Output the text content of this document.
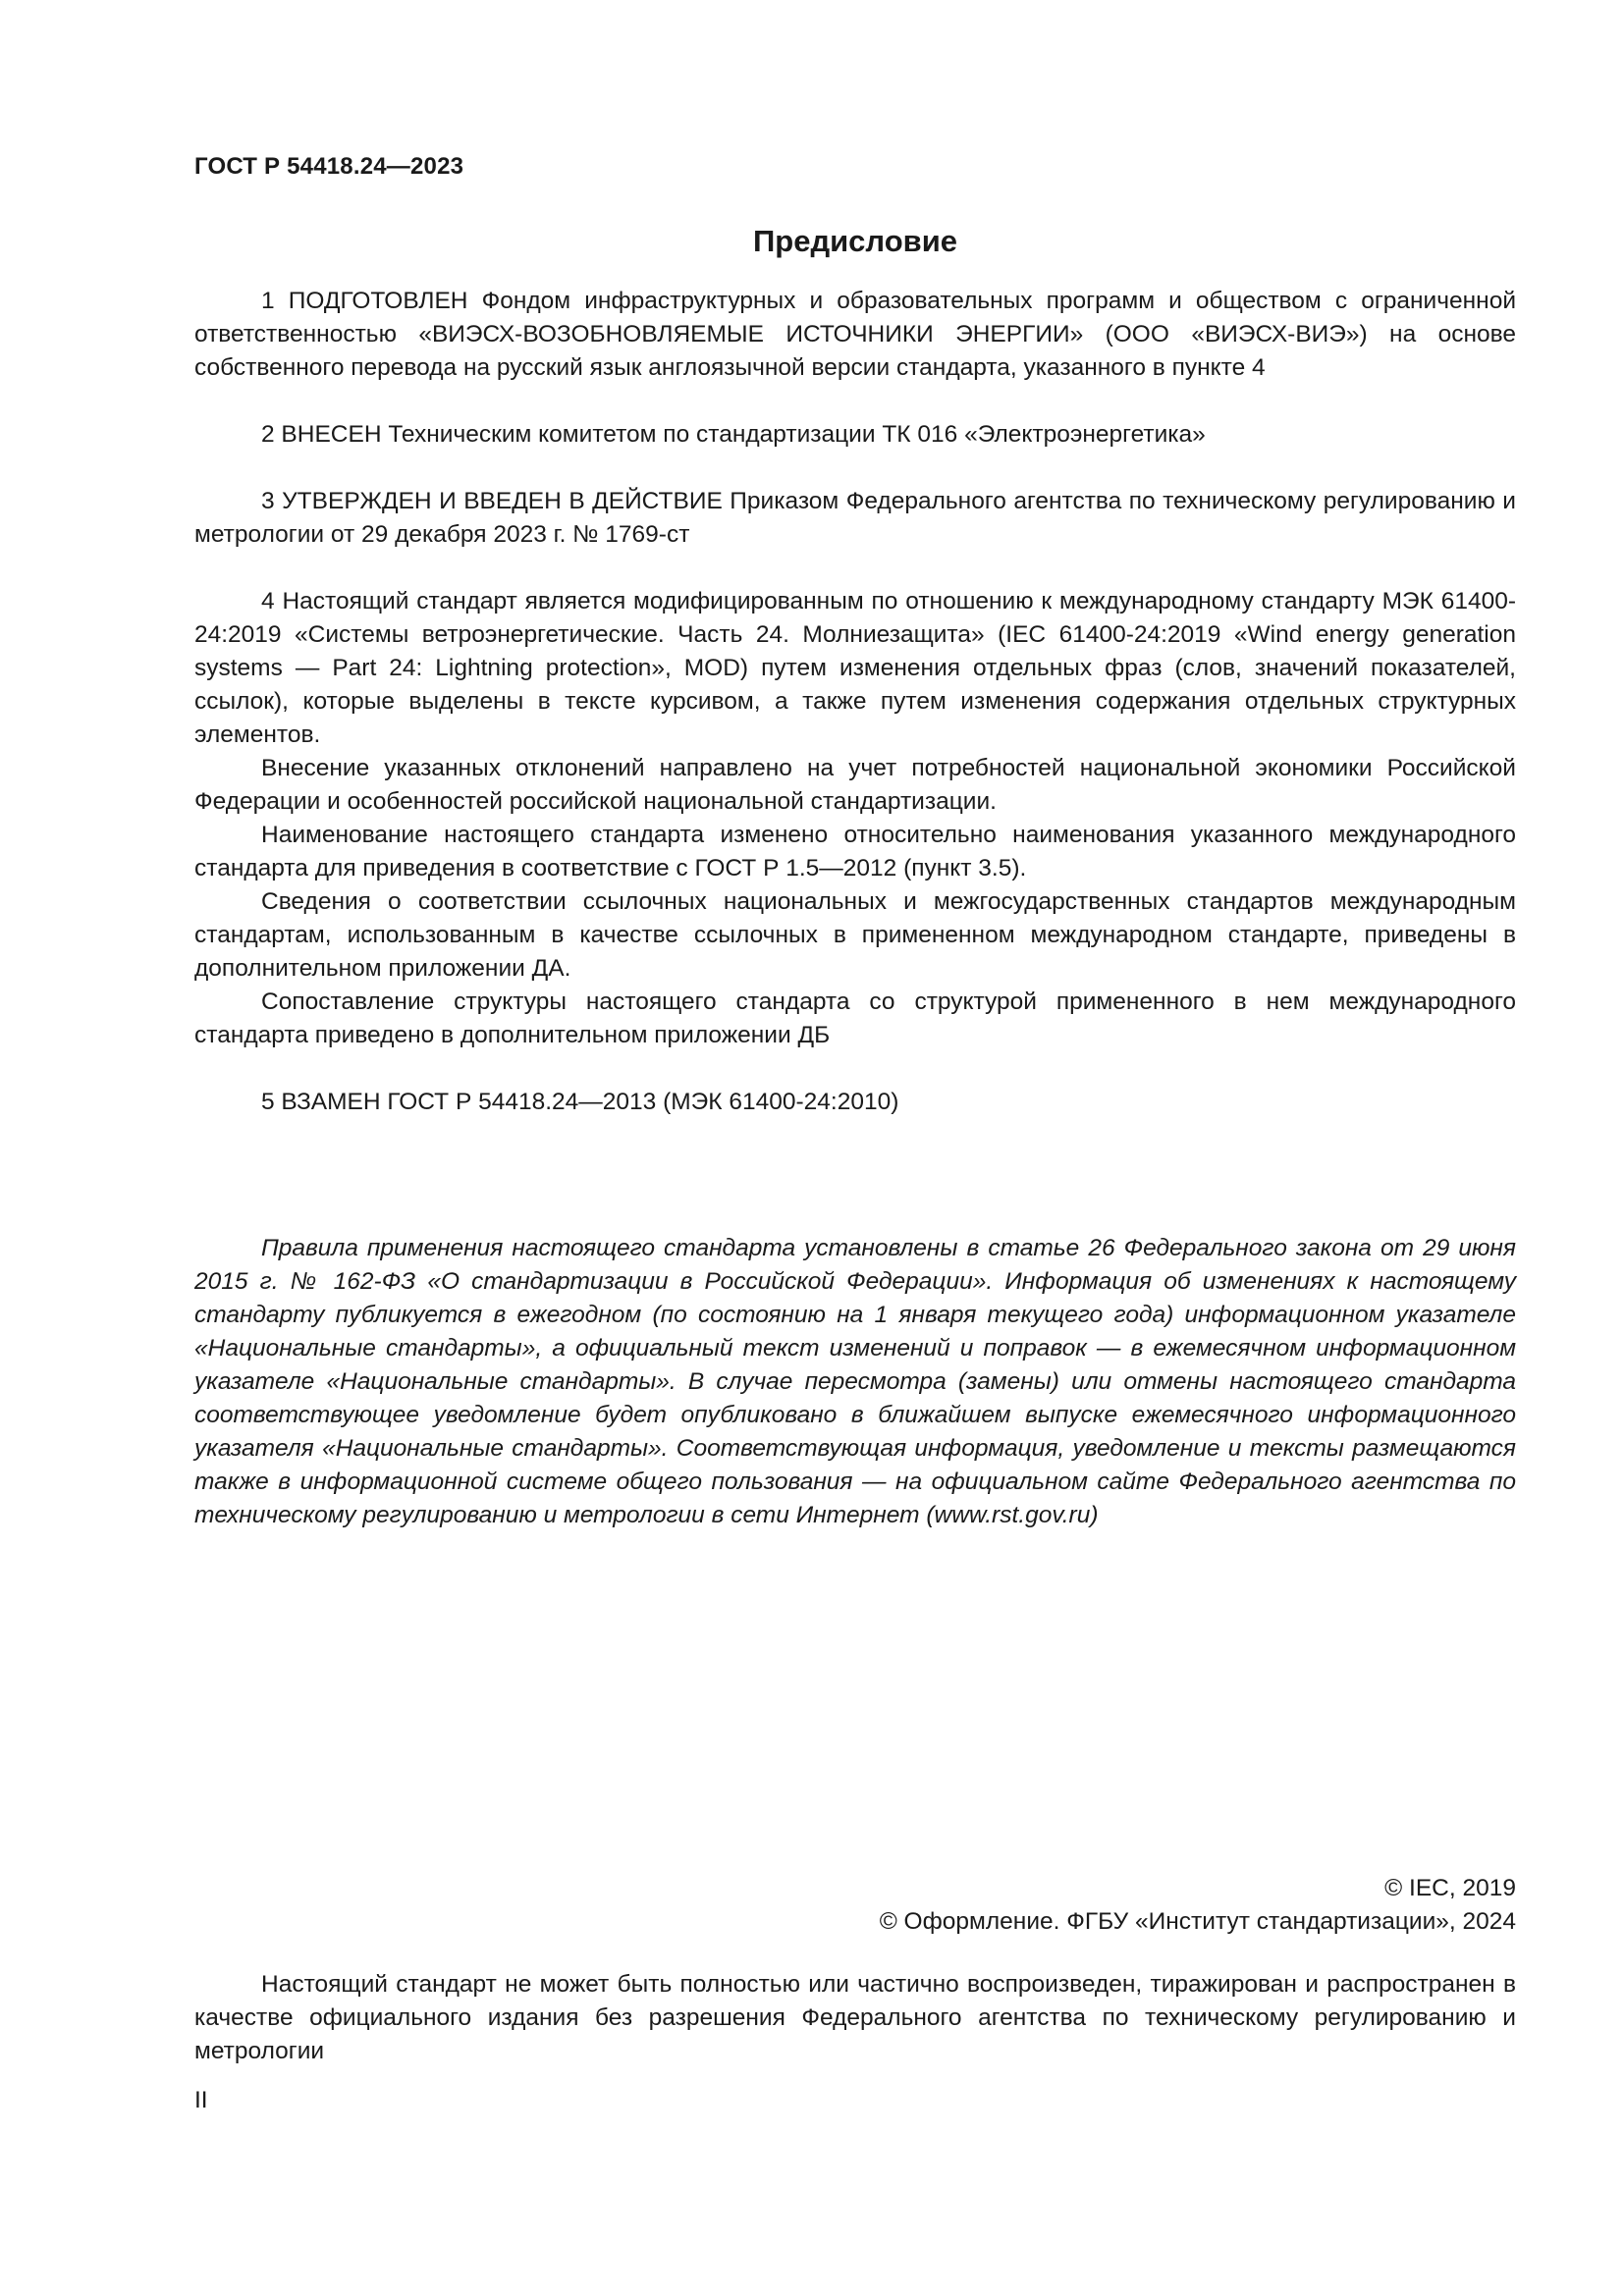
ГОСТ Р 54418.24—2023
Предисловие

1 ПОДГОТОВЛЕН Фондом инфраструктурных и образовательных программ и обществом с ограниченной ответственностью «ВИЭСХ-ВОЗОБНОВЛЯЕМЫЕ ИСТОЧНИКИ ЭНЕРГИИ» (ООО «ВИЭСХ-ВИЭ») на основе собственного перевода на русский язык англоязычной версии стандарта, указанного в пункте 4

2 ВНЕСЕН Техническим комитетом по стандартизации ТК 016 «Электроэнергетика»

3 УТВЕРЖДЕН И ВВЕДЕН В ДЕЙСТВИЕ Приказом Федерального агентства по техническому регулированию и метрологии от 29 декабря 2023 г. № 1769-ст

4 Настоящий стандарт является модифицированным по отношению к международному стандарту МЭК 61400-24:2019 «Системы ветроэнергетические. Часть 24. Молниезащита» (IEC 61400-24:2019 «Wind energy generation systems — Part 24: Lightning protection», MOD) путем изменения отдельных фраз (слов, значений показателей, ссылок), которые выделены в тексте курсивом, а также путем изменения содержания отдельных структурных элементов.

Внесение указанных отклонений направлено на учет потребностей национальной экономики Российской Федерации и особенностей российской национальной стандартизации.

Наименование настоящего стандарта изменено относительно наименования указанного международного стандарта для приведения в соответствие с ГОСТ Р 1.5—2012 (пункт 3.5).

Сведения о соответствии ссылочных национальных и межгосударственных стандартов международным стандартам, использованным в качестве ссылочных в примененном международном стандарте, приведены в дополнительном приложении ДА.

Сопоставление структуры настоящего стандарта со структурой примененного в нем международного стандарта приведено в дополнительном приложении ДБ

5 ВЗАМЕН ГОСТ Р 54418.24—2013 (МЭК 61400-24:2010)

Правила применения настоящего стандарта установлены в статье 26 Федерального закона от 29 июня 2015 г. № 162-ФЗ «О стандартизации в Российской Федерации». Информация об изменениях к настоящему стандарту публикуется в ежегодном (по состоянию на 1 января текущего года) информационном указателе «Национальные стандарты», а официальный текст изменений и поправок — в ежемесячном информационном указателе «Национальные стандарты». В случае пересмотра (замены) или отмены настоящего стандарта соответствующее уведомление будет опубликовано в ближайшем выпуске ежемесячного информационного указателя «Национальные стандарты». Соответствующая информация, уведомление и тексты размещаются также в информационной системе общего пользования — на официальном сайте Федерального агентства по техническому регулированию и метрологии в сети Интернет (www.rst.gov.ru)

© IEC, 2019
© Оформление. ФГБУ «Институт стандартизации», 2024

Настоящий стандарт не может быть полностью или частично воспроизведен, тиражирован и распространен в качестве официального издания без разрешения Федерального агентства по техническому регулированию и метрологии

II
